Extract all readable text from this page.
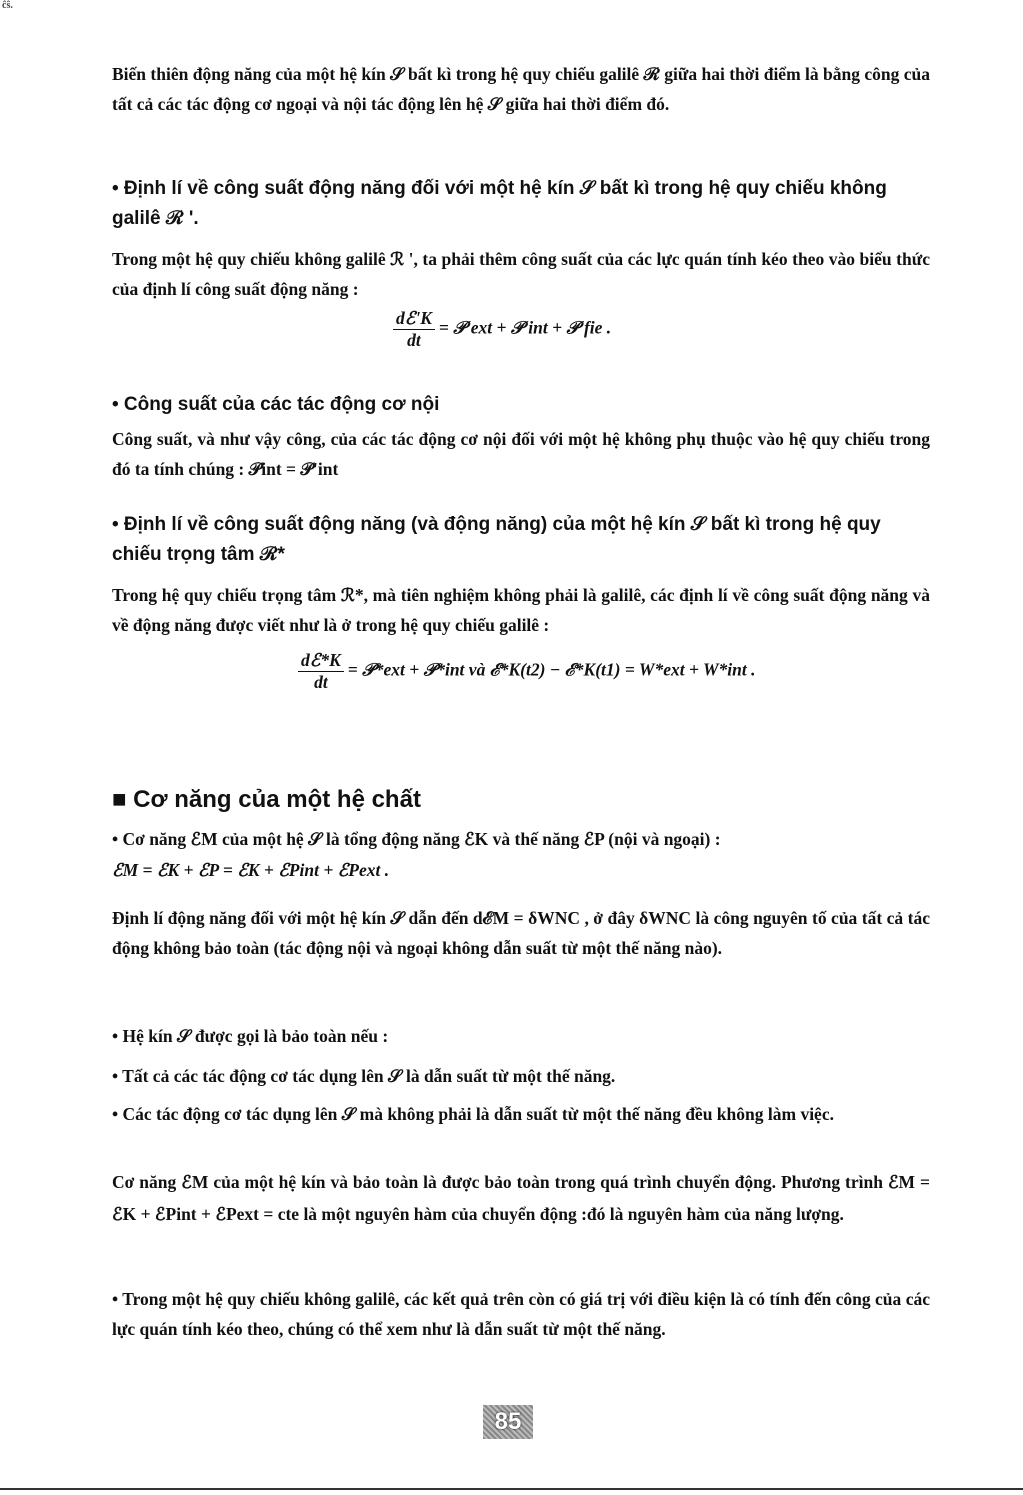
ĉŝ.
Biến thiên động năng của một hệ kín 𝒮 bất kì trong hệ quy chiếu galilê ℛ giữa hai thời điểm là bằng công của tất cả các tác động cơ ngoại và nội tác động lên hệ 𝒮 giữa hai thời điểm đó.
• Định lí về công suất động năng đối với một hệ kín 𝒮 bất kì trong hệ quy chiếu không galilê ℛ '.
Trong một hệ quy chiếu không galilê ℛ ', ta phải thêm công suất của các lực quán tính kéo theo vào biểu thức của định lí công suất động năng :
$\frac{\text{dℰ'K}}{dt}$ = 𝒫'ext + 𝒫'int + 𝒫'fie .
• Công suất của các tác động cơ nội
Công suất, và như vậy công, của các tác động cơ nội đối với một hệ không phụ thuộc vào hệ quy chiếu trong đó ta tính chúng : 𝒫int = 𝒫'int
• Định lí về công suất động năng (và động năng) của một hệ kín 𝒮 bất kì trong hệ quy chiếu trọng tâm ℛ*
Trong hệ quy chiếu trọng tâm ℛ*, mà tiên nghiệm không phải là galilê, các định lí về công suất động năng và về động năng được viết như là ở trong hệ quy chiếu galilê :
$\frac{\text{dℰ*K}}{dt}$ = 𝒫*ext + 𝒫*int và ℰ*K(t2) − ℰ*K(t1) = W*ext + W*int .
■ Cơ năng của một hệ chất
• Cơ năng ℰM của một hệ 𝒮 là tổng động năng ℰK và thế năng ℰP (nội và ngoại) :
ℰM = ℰK + ℰP = ℰK + ℰPint + ℰPext .
Định lí động năng đối với một hệ kín 𝒮 dẫn đến dℰM = δWNC , ở đây δWNC là công nguyên tố của tất cả tác động không bảo toàn (tác động nội và ngoại không dẫn suất từ một thế năng nào).
• Hệ kín 𝒮 được gọi là bảo toàn nếu :
• Tất cả các tác động cơ tác dụng lên 𝒮 là dẫn suất từ một thế năng.
• Các tác động cơ tác dụng lên 𝒮 mà không phải là dẫn suất từ một thế năng đều không làm việc.
Cơ năng ℰM của một hệ kín và bảo toàn là được bảo toàn trong quá trình chuyển động. Phương trình ℰM = ℰK + ℰPint + ℰPext = cte là một nguyên hàm của chuyển động :đó là nguyên hàm của năng lượng.
• Trong một hệ quy chiếu không galilê, các kết quả trên còn có giá trị với điều kiện là có tính đến công của các lực quán tính kéo theo, chúng có thể xem như là dẫn suất từ một thế năng.
85
